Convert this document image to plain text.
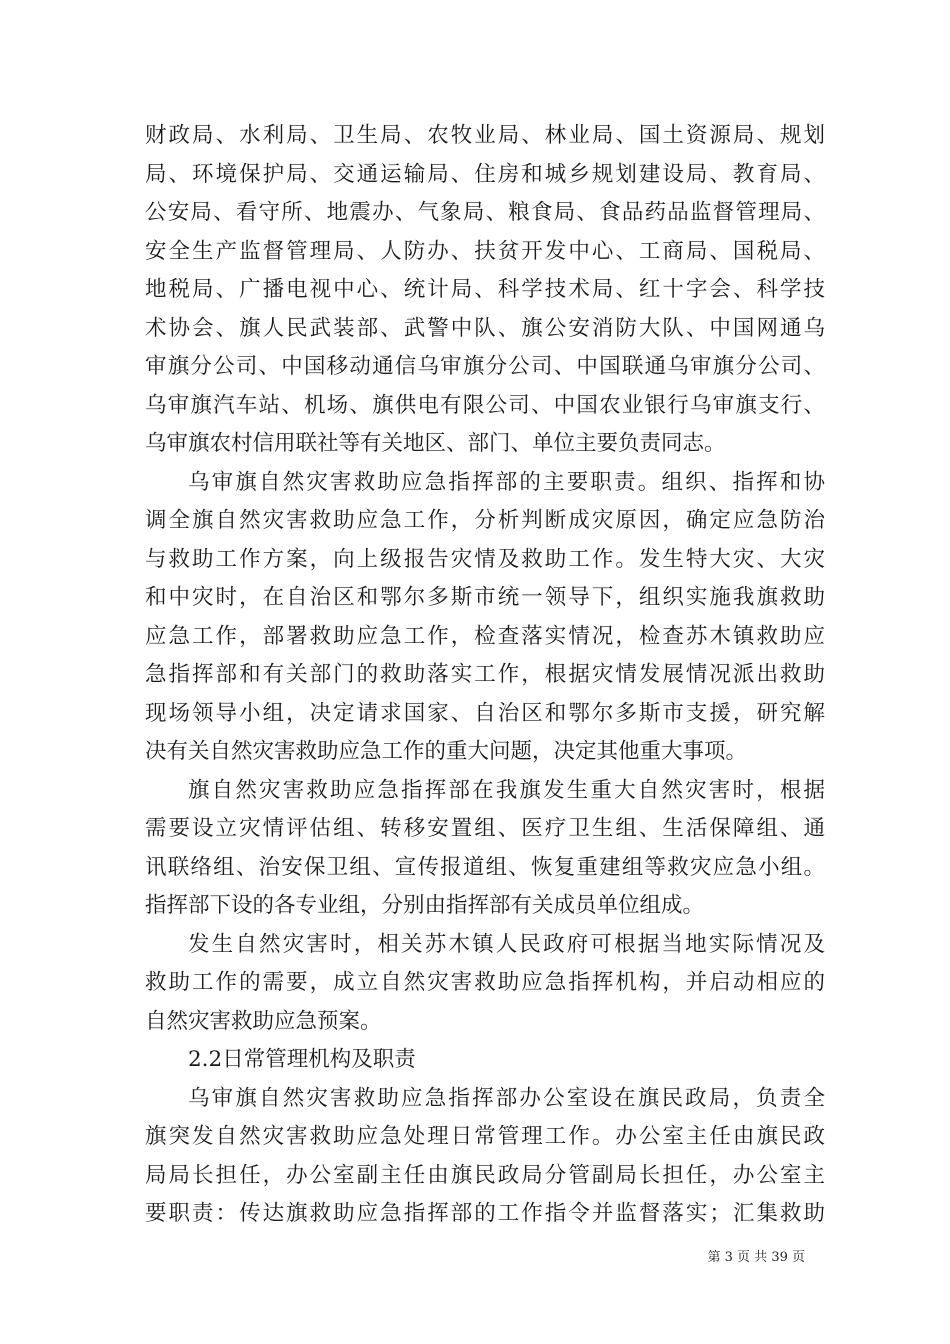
财政局、水利局、卫生局、农牧业局、林业局、国土资源局、规划
局、环境保护局、交通运输局、住房和城乡规划建设局、教育局、
公安局、看守所、地震办、气象局、粮食局、食品药品监督管理局、
安全生产监督管理局、人防办、扶贫开发中心、工商局、国税局、
地税局、广播电视中心、统计局、科学技术局、红十字会、科学技
术协会、旗人民武装部、武警中队、旗公安消防大队、中国网通乌
审旗分公司、中国移动通信乌审旗分公司、中国联通乌审旗分公司、
乌审旗汽车站、机场、旗供电有限公司、中国农业银行乌审旗支行、
乌审旗农村信用联社等有关地区、部门、单位主要负责同志。
乌审旗自然灾害救助应急指挥部的主要职责。组织、指挥和协
调全旗自然灾害救助应急工作，分析判断成灾原因，确定应急防治
与救助工作方案，向上级报告灾情及救助工作。发生特大灾、大灾
和中灾时，在自治区和鄂尔多斯市统一领导下，组织实施我旗救助
应急工作，部署救助应急工作，检查落实情况，检查苏木镇救助应
急指挥部和有关部门的救助落实工作，根据灾情发展情况派出救助
现场领导小组，决定请求国家、自治区和鄂尔多斯市支援，研究解
决有关自然灾害救助应急工作的重大问题，决定其他重大事项。
旗自然灾害救助应急指挥部在我旗发生重大自然灾害时，根据
需要设立灾情评估组、转移安置组、医疗卫生组、生活保障组、通
讯联络组、治安保卫组、宣传报道组、恢复重建组等救灾应急小组。
指挥部下设的各专业组，分别由指挥部有关成员单位组成。
发生自然灾害时，相关苏木镇人民政府可根据当地实际情况及
救助工作的需要，成立自然灾害救助应急指挥机构，并启动相应的
自然灾害救助应急预案。
2.2日常管理机构及职责
乌审旗自然灾害救助应急指挥部办公室设在旗民政局，负责全
旗突发自然灾害救助应急处理日常管理工作。办公室主任由旗民政
局局长担任，办公室副主任由旗民政局分管副局长担任，办公室主
要职责：传达旗救助应急指挥部的工作指令并监督落实；汇集救助
第 3 页 共 39 页
